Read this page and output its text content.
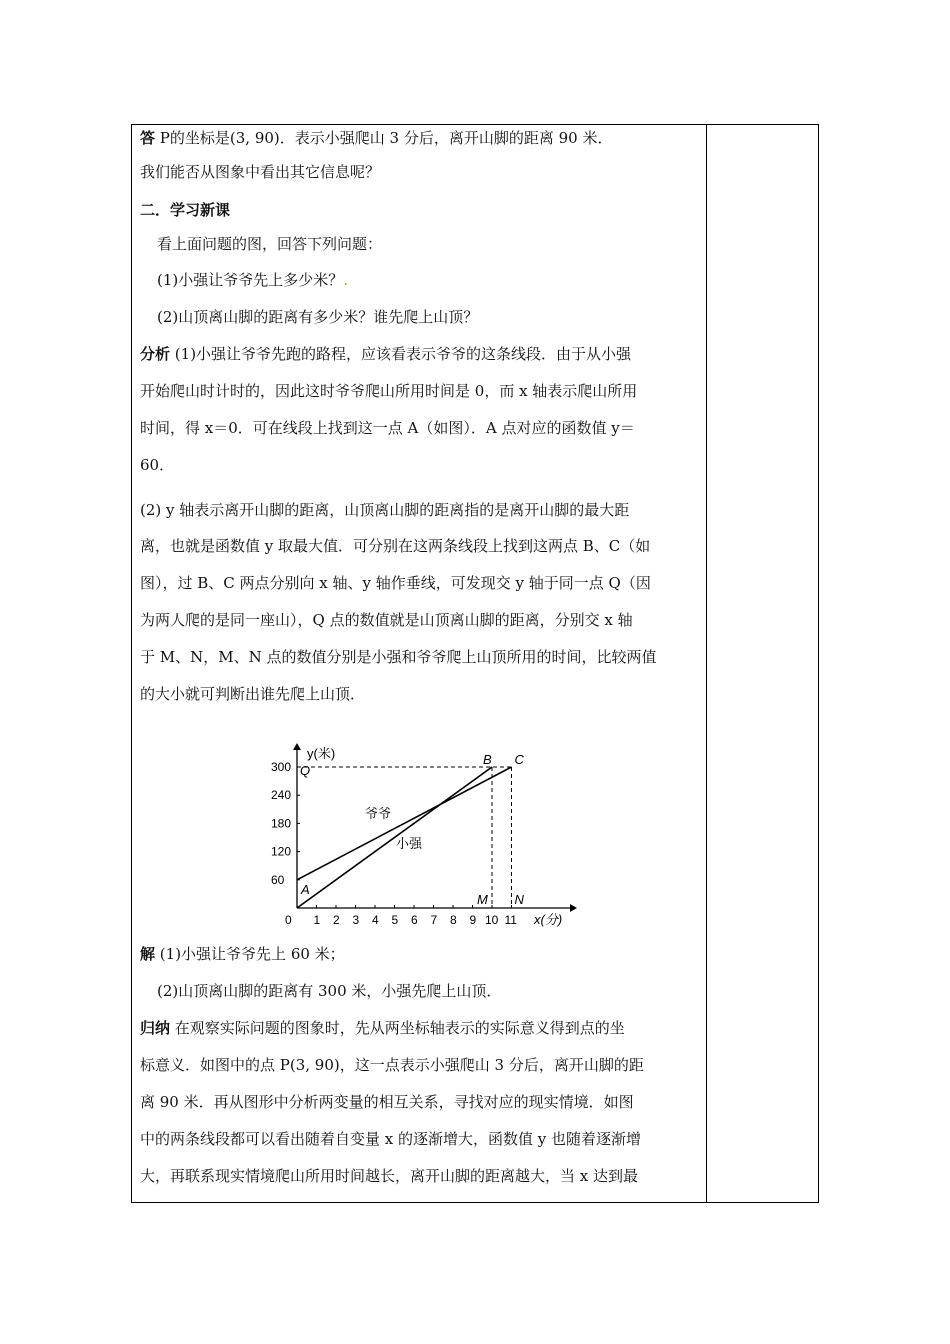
答 P的坐标是(3, 90)．表示小强爬山 3 分后，离开山脚的距离 90 米．
我们能否从图象中看出其它信息呢？
二．学习新课
看上面问题的图，回答下列问题：
(1)小强让爷爷先上多少米？.
(2)山顶离山脚的距离有多少米？谁先爬上山顶？
分析 (1)小强让爷爷先跑的路程，应该看表示爷爷的这条线段．由于从小强
开始爬山时计时的，因此这时爷爷爬山所用时间是 0，而 x 轴表示爬山所用
时间，得 x＝0．可在线段上找到这一点 A（如图）．A 点对应的函数值 y＝
60．
(2) y 轴表示离开山脚的距离，山顶离山脚的距离指的是离开山脚的最大距
离，也就是函数值 y 取最大值．可分别在这两条线段上找到这两点 B、C（如
图），过 B、C 两点分别向 x 轴、y 轴作垂线，可发现交 y 轴于同一点 Q（因
为两人爬的是同一座山），Q 点的数值就是山顶离山脚的距离，分别交 x 轴
于 M、N，M、N 点的数值分别是小强和爷爷爬上山顶所用的时间，比较两值
的大小就可判断出谁先爬上山顶．
解 (1)小强让爷爷先上 60 米；
(2)山顶离山脚的距离有 300 米，小强先爬上山顶．
归纳 在观察实际问题的图象时，先从两坐标轴表示的实际意义得到点的坐
标意义．如图中的点 P(3, 90)，这一点表示小强爬山 3 分后，离开山脚的距
离 90 米．再从图形中分析两变量的相互关系，寻找对应的现实情境．如图
中的两条线段都可以看出随着自变量 x 的逐渐增大，函数值 y 也随着逐渐增
大，再联系现实情境爬山所用时间越长，离开山脚的距离越大，当 x 达到最
y(米)
x(分)
0 1 2 3 4 5 6 7 8 9 10 11
60
120
180
240
300
爷爷
小强
A
B C
Q
M N
